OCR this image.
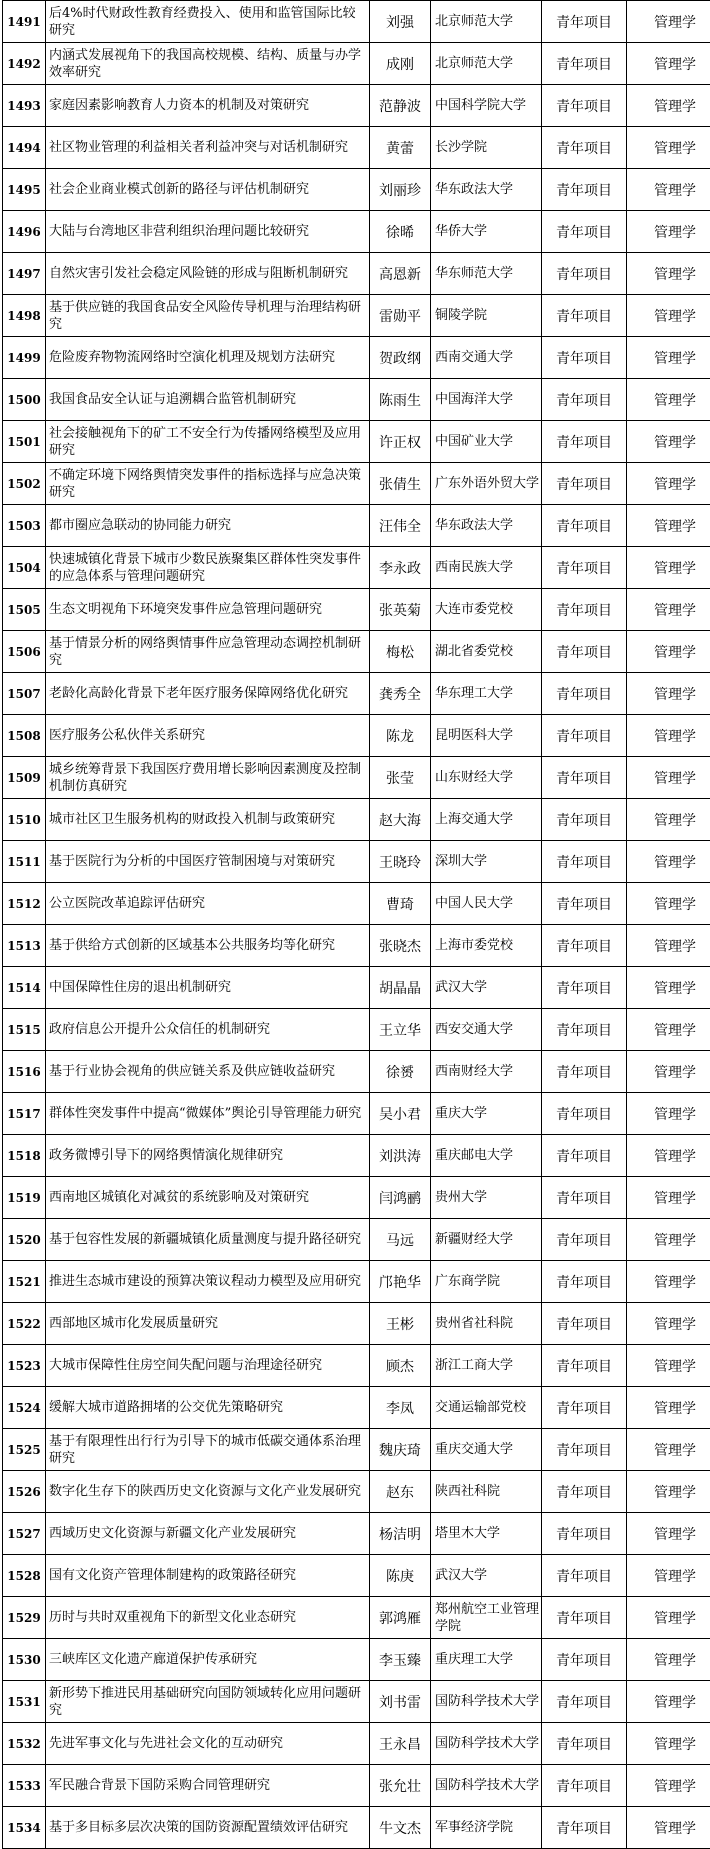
1491	后4%时代财政性教育经费投入、使用和监管国际比较研究	刘强	北京师范大学	青年项目	管理学
1492	内涵式发展视角下的我国高校规模、结构、质量与办学效率研究	成刚	北京师范大学	青年项目	管理学
1493	家庭因素影响教育人力资本的机制及对策研究	范静波	中国科学院大学	青年项目	管理学
1494	社区物业管理的利益相关者利益冲突与对话机制研究	黄蕾	长沙学院	青年项目	管理学
1495	社会企业商业模式创新的路径与评估机制研究	刘丽珍	华东政法大学	青年项目	管理学
1496	大陆与台湾地区非营利组织治理问题比较研究	徐晞	华侨大学	青年项目	管理学
1497	自然灾害引发社会稳定风险链的形成与阻断机制研究	高恩新	华东师范大学	青年项目	管理学
1498	基于供应链的我国食品安全风险传导机理与治理结构研究	雷勋平	铜陵学院	青年项目	管理学
1499	危险废弃物物流网络时空演化机理及规划方法研究	贺政纲	西南交通大学	青年项目	管理学
1500	我国食品安全认证与追溯耦合监管机制研究	陈雨生	中国海洋大学	青年项目	管理学
1501	社会接触视角下的矿工不安全行为传播网络模型及应用研究	许正权	中国矿业大学	青年项目	管理学
1502	不确定环境下网络舆情突发事件的指标选择与应急决策研究	张倩生	广东外语外贸大学	青年项目	管理学
1503	都市圈应急联动的协同能力研究	汪伟全	华东政法大学	青年项目	管理学
1504	快速城镇化背景下城市少数民族聚集区群体性突发事件的应急体系与管理问题研究	李永政	西南民族大学	青年项目	管理学
1505	生态文明视角下环境突发事件应急管理问题研究	张英菊	大连市委党校	青年项目	管理学
1506	基于情景分析的网络舆情事件应急管理动态调控机制研究	梅松	湖北省委党校	青年项目	管理学
1507	老龄化高龄化背景下老年医疗服务保障网络优化研究	龚秀全	华东理工大学	青年项目	管理学
1508	医疗服务公私伙伴关系研究	陈龙	昆明医科大学	青年项目	管理学
1509	城乡统筹背景下我国医疗费用增长影响因素测度及控制机制仿真研究	张莹	山东财经大学	青年项目	管理学
1510	城市社区卫生服务机构的财政投入机制与政策研究	赵大海	上海交通大学	青年项目	管理学
1511	基于医院行为分析的中国医疗管制困境与对策研究	王晓玲	深圳大学	青年项目	管理学
1512	公立医院改革追踪评估研究	曹琦	中国人民大学	青年项目	管理学
1513	基于供给方式创新的区域基本公共服务均等化研究	张晓杰	上海市委党校	青年项目	管理学
1514	中国保障性住房的退出机制研究	胡晶晶	武汉大学	青年项目	管理学
1515	政府信息公开提升公众信任的机制研究	王立华	西安交通大学	青年项目	管理学
1516	基于行业协会视角的供应链关系及供应链收益研究	徐赟	西南财经大学	青年项目	管理学
1517	群体性突发事件中提高“微媒体”舆论引导管理能力研究	吴小君	重庆大学	青年项目	管理学
1518	政务微博引导下的网络舆情演化规律研究	刘洪涛	重庆邮电大学	青年项目	管理学
1519	西南地区城镇化对减贫的系统影响及对策研究	闫鸿鹂	贵州大学	青年项目	管理学
1520	基于包容性发展的新疆城镇化质量测度与提升路径研究	马远	新疆财经大学	青年项目	管理学
1521	推进生态城市建设的预算决策议程动力模型及应用研究	邝艳华	广东商学院	青年项目	管理学
1522	西部地区城市化发展质量研究	王彬	贵州省社科院	青年项目	管理学
1523	大城市保障性住房空间失配问题与治理途径研究	顾杰	浙江工商大学	青年项目	管理学
1524	缓解大城市道路拥堵的公交优先策略研究	李凤	交通运输部党校	青年项目	管理学
1525	基于有限理性出行行为引导下的城市低碳交通体系治理研究	魏庆琦	重庆交通大学	青年项目	管理学
1526	数字化生存下的陕西历史文化资源与文化产业发展研究	赵东	陕西社科院	青年项目	管理学
1527	西域历史文化资源与新疆文化产业发展研究	杨洁明	塔里木大学	青年项目	管理学
1528	国有文化资产管理体制建构的政策路径研究	陈庚	武汉大学	青年项目	管理学
1529	历时与共时双重视角下的新型文化业态研究	郭鸿雁	郑州航空工业管理学院	青年项目	管理学
1530	三峡库区文化遗产廊道保护传承研究	李玉臻	重庆理工大学	青年项目	管理学
1531	新形势下推进民用基础研究向国防领域转化应用问题研究	刘书雷	国防科学技术大学	青年项目	管理学
1532	先进军事文化与先进社会文化的互动研究	王永昌	国防科学技术大学	青年项目	管理学
1533	军民融合背景下国防采购合同管理研究	张允壮	国防科学技术大学	青年项目	管理学
1534	基于多目标多层次决策的国防资源配置绩效评估研究	牛文杰	军事经济学院	青年项目	管理学
